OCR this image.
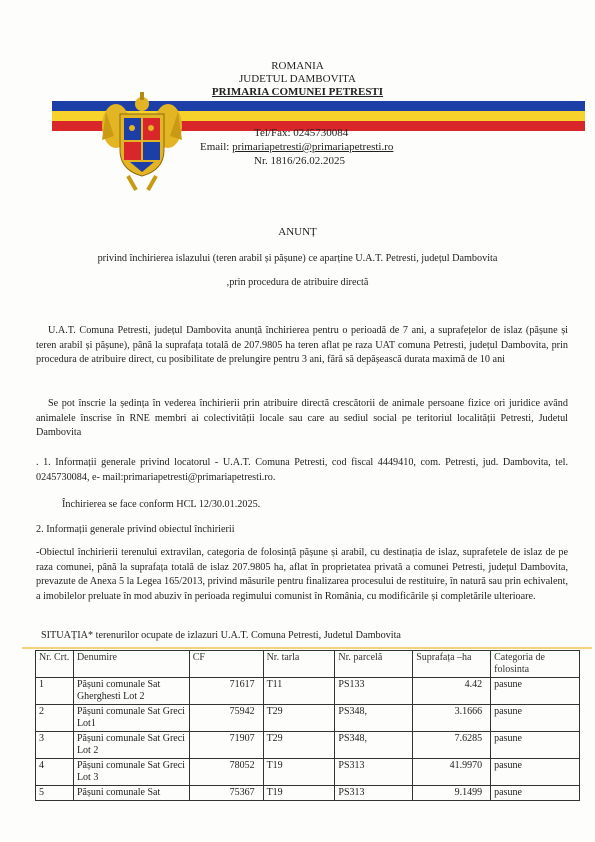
ROMANIA
JUDETUL DAMBOVITA
PRIMARIA COMUNEI PETRESTI
Tel/Fax: 0245730084
Email: primariapetresti@primariapetresti.ro
Nr. 1816/26.02.2025
ANUNȚ
privind închirierea islazului (teren arabil și pășune) ce aparține U.A.T. Petresti, județul Dambovita
,prin procedura de atribuire directă
U.A.T. Comuna Petresti, județul Dambovita anunță închirierea pentru o perioadă de 7 ani, a suprafețelor de islaz (pășune și teren arabil și pășune), până la suprafața totală de 207.9805 ha teren aflat pe raza UAT comuna Petresti, județul Dambovita, prin procedura de atribuire direct, cu posibilitate de prelungire pentru 3 ani, fără să depășească durata maximă de 10 ani
Se pot înscrie la ședința în vederea închirierii prin atribuire directă crescătorii de animale persoane fizice ori juridice având animalele înscrise în RNE membri ai colectivității locale sau care au sediul social pe teritoriul localității Petresti, Judetul Dambovita
. 1. Informații generale privind locatorul - U.A.T. Comuna Petresti, cod fiscal 4449410, com. Petresti, jud. Dambovita, tel. 0245730084, e- mail:primariapetresti@primariapetresti.ro.
Închirierea se face conform HCL 12/30.01.2025.
2. Informații generale privind obiectul închirierii
-Obiectul închirierii terenului extravilan, categoria de folosință pășune și arabil, cu destinația de islaz, suprafetele de islaz de pe raza comunei, până la suprafața totală de islaz 207.9805 ha, aflat în proprietatea privată a comunei Petresti, județul Dambovita, prevazute de Anexa 5 la Legea 165/2013, privind măsurile pentru finalizarea procesului de restituire, în natură sau prin echivalent, a imobilelor preluate în mod abuziv în perioada regimului comunist în România, cu modificările și completările ulterioare.
SITUAȚIA* terenurilor ocupate de izlazuri U.A.T. Comuna Petresti, Judetul Dambovita
Nr. Crt.	Denumire	CF	Nr. tarla	Nr. parcelă	Suprafața –ha	Categoria de folosinta
1	Pășuni comunale Sat Gherghesti Lot 2	71617	T11	PS133	4.42	pasune
2	Pășuni comunale Sat Greci Lot1	75942	T29	PS348,	3.1666	pasune
3	Pășuni comunale Sat Greci Lot 2	71907	T29	PS348,	7.6285	pasune
4	Pășuni comunale Sat Greci Lot 3	78052	T19	PS313	41.9970	pasune
5	Pășuni comunale Sat	75367	T19	PS313	9.1499	pasune
